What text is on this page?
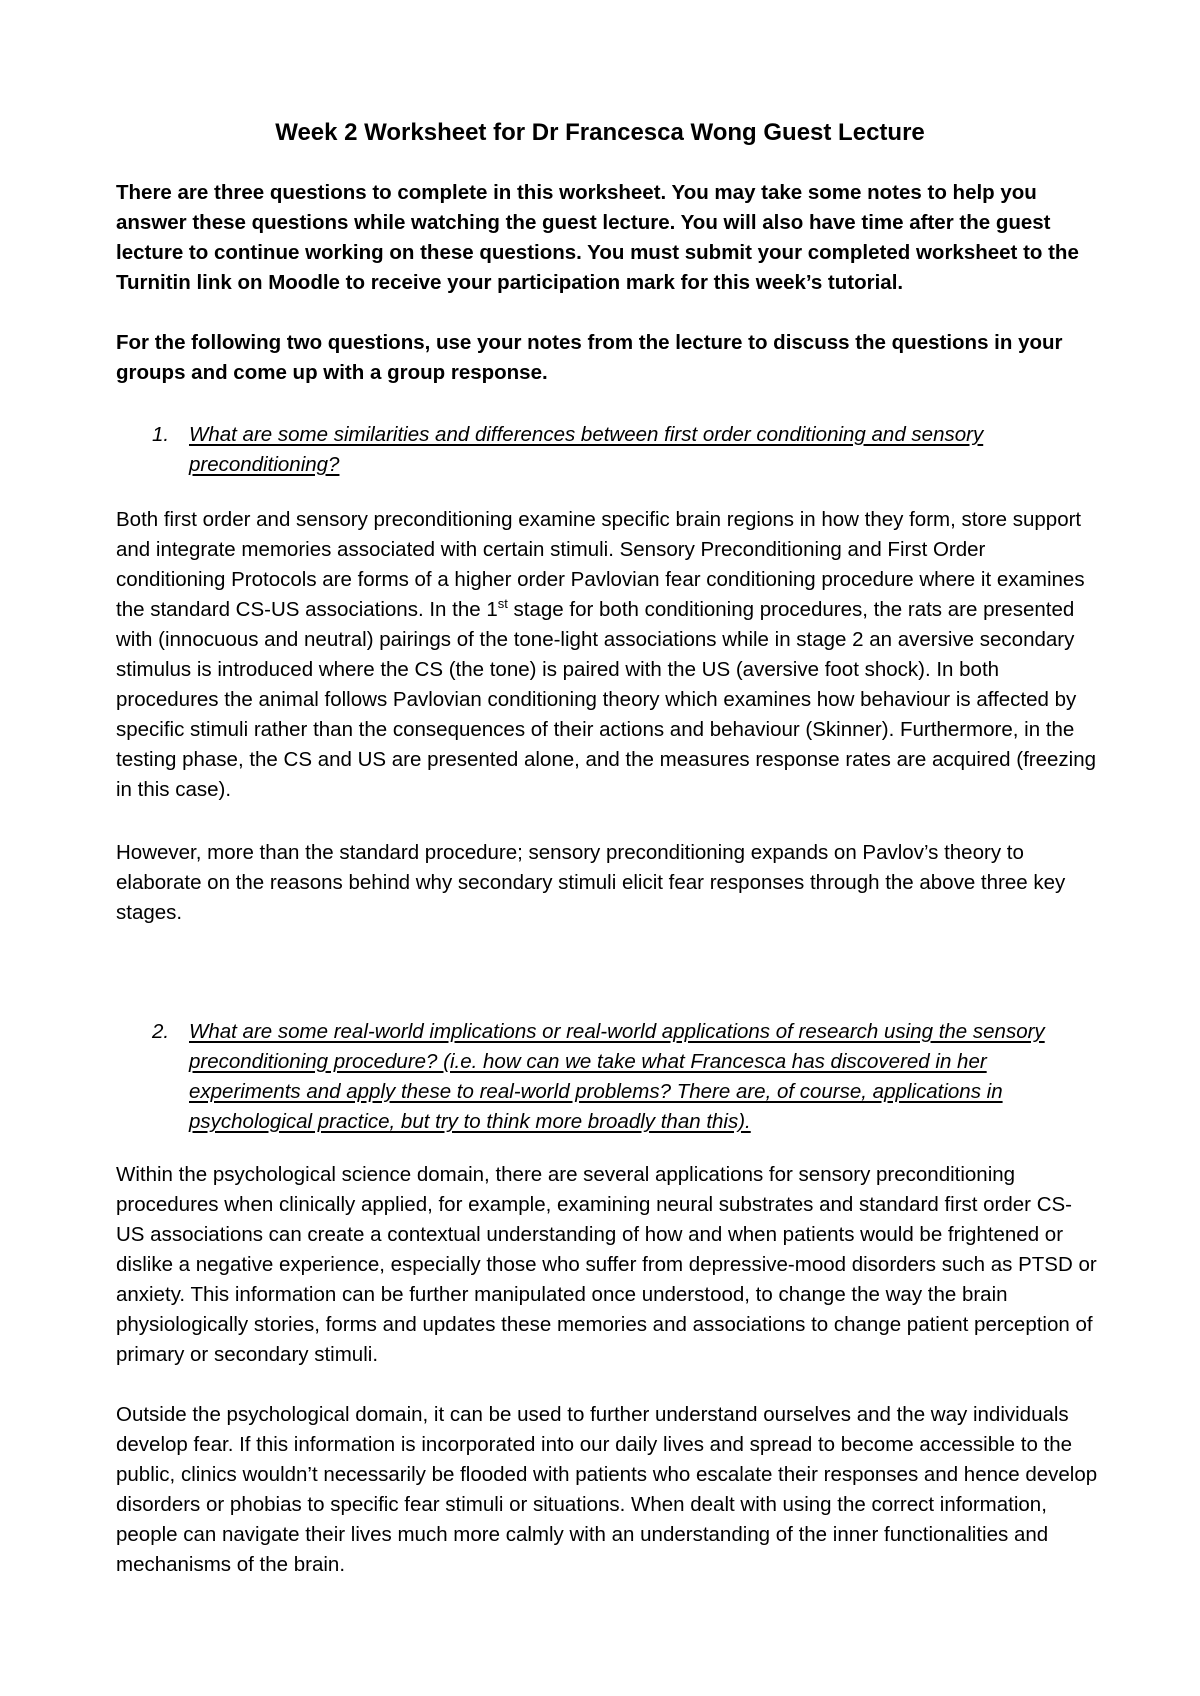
Week 2 Worksheet for Dr Francesca Wong Guest Lecture

There are three questions to complete in this worksheet. You may take some notes to help you answer these questions while watching the guest lecture. You will also have time after the guest lecture to continue working on these questions. You must submit your completed worksheet to the Turnitin link on Moodle to receive your participation mark for this week’s tutorial.

For the following two questions, use your notes from the lecture to discuss the questions in your groups and come up with a group response.

1. What are some similarities and differences between first order conditioning and sensory preconditioning?

Both first order and sensory preconditioning examine specific brain regions in how they form, store support and integrate memories associated with certain stimuli. Sensory Preconditioning and First Order conditioning Protocols are forms of a higher order Pavlovian fear conditioning procedure where it examines the standard CS-US associations. In the 1st stage for both conditioning procedures, the rats are presented with (innocuous and neutral) pairings of the tone-light associations while in stage 2 an aversive secondary stimulus is introduced where the CS (the tone) is paired with the US (aversive foot shock). In both procedures the animal follows Pavlovian conditioning theory which examines how behaviour is affected by specific stimuli rather than the consequences of their actions and behaviour (Skinner). Furthermore, in the testing phase, the CS and US are presented alone, and the measures response rates are acquired (freezing in this case).

However, more than the standard procedure; sensory preconditioning expands on Pavlov’s theory to elaborate on the reasons behind why secondary stimuli elicit fear responses through the above three key stages.

2. What are some real-world implications or real-world applications of research using the sensory preconditioning procedure? (i.e. how can we take what Francesca has discovered in her experiments and apply these to real-world problems? There are, of course, applications in psychological practice, but try to think more broadly than this).

Within the psychological science domain, there are several applications for sensory preconditioning procedures when clinically applied, for example, examining neural substrates and standard first order CS-US associations can create a contextual understanding of how and when patients would be frightened or dislike a negative experience, especially those who suffer from depressive-mood disorders such as PTSD or anxiety. This information can be further manipulated once understood, to change the way the brain physiologically stories, forms and updates these memories and associations to change patient perception of primary or secondary stimuli.

Outside the psychological domain, it can be used to further understand ourselves and the way individuals develop fear. If this information is incorporated into our daily lives and spread to become accessible to the public, clinics wouldn’t necessarily be flooded with patients who escalate their responses and hence develop disorders or phobias to specific fear stimuli or situations. When dealt with using the correct information, people can navigate their lives much more calmly with an understanding of the inner functionalities and mechanisms of the brain.
